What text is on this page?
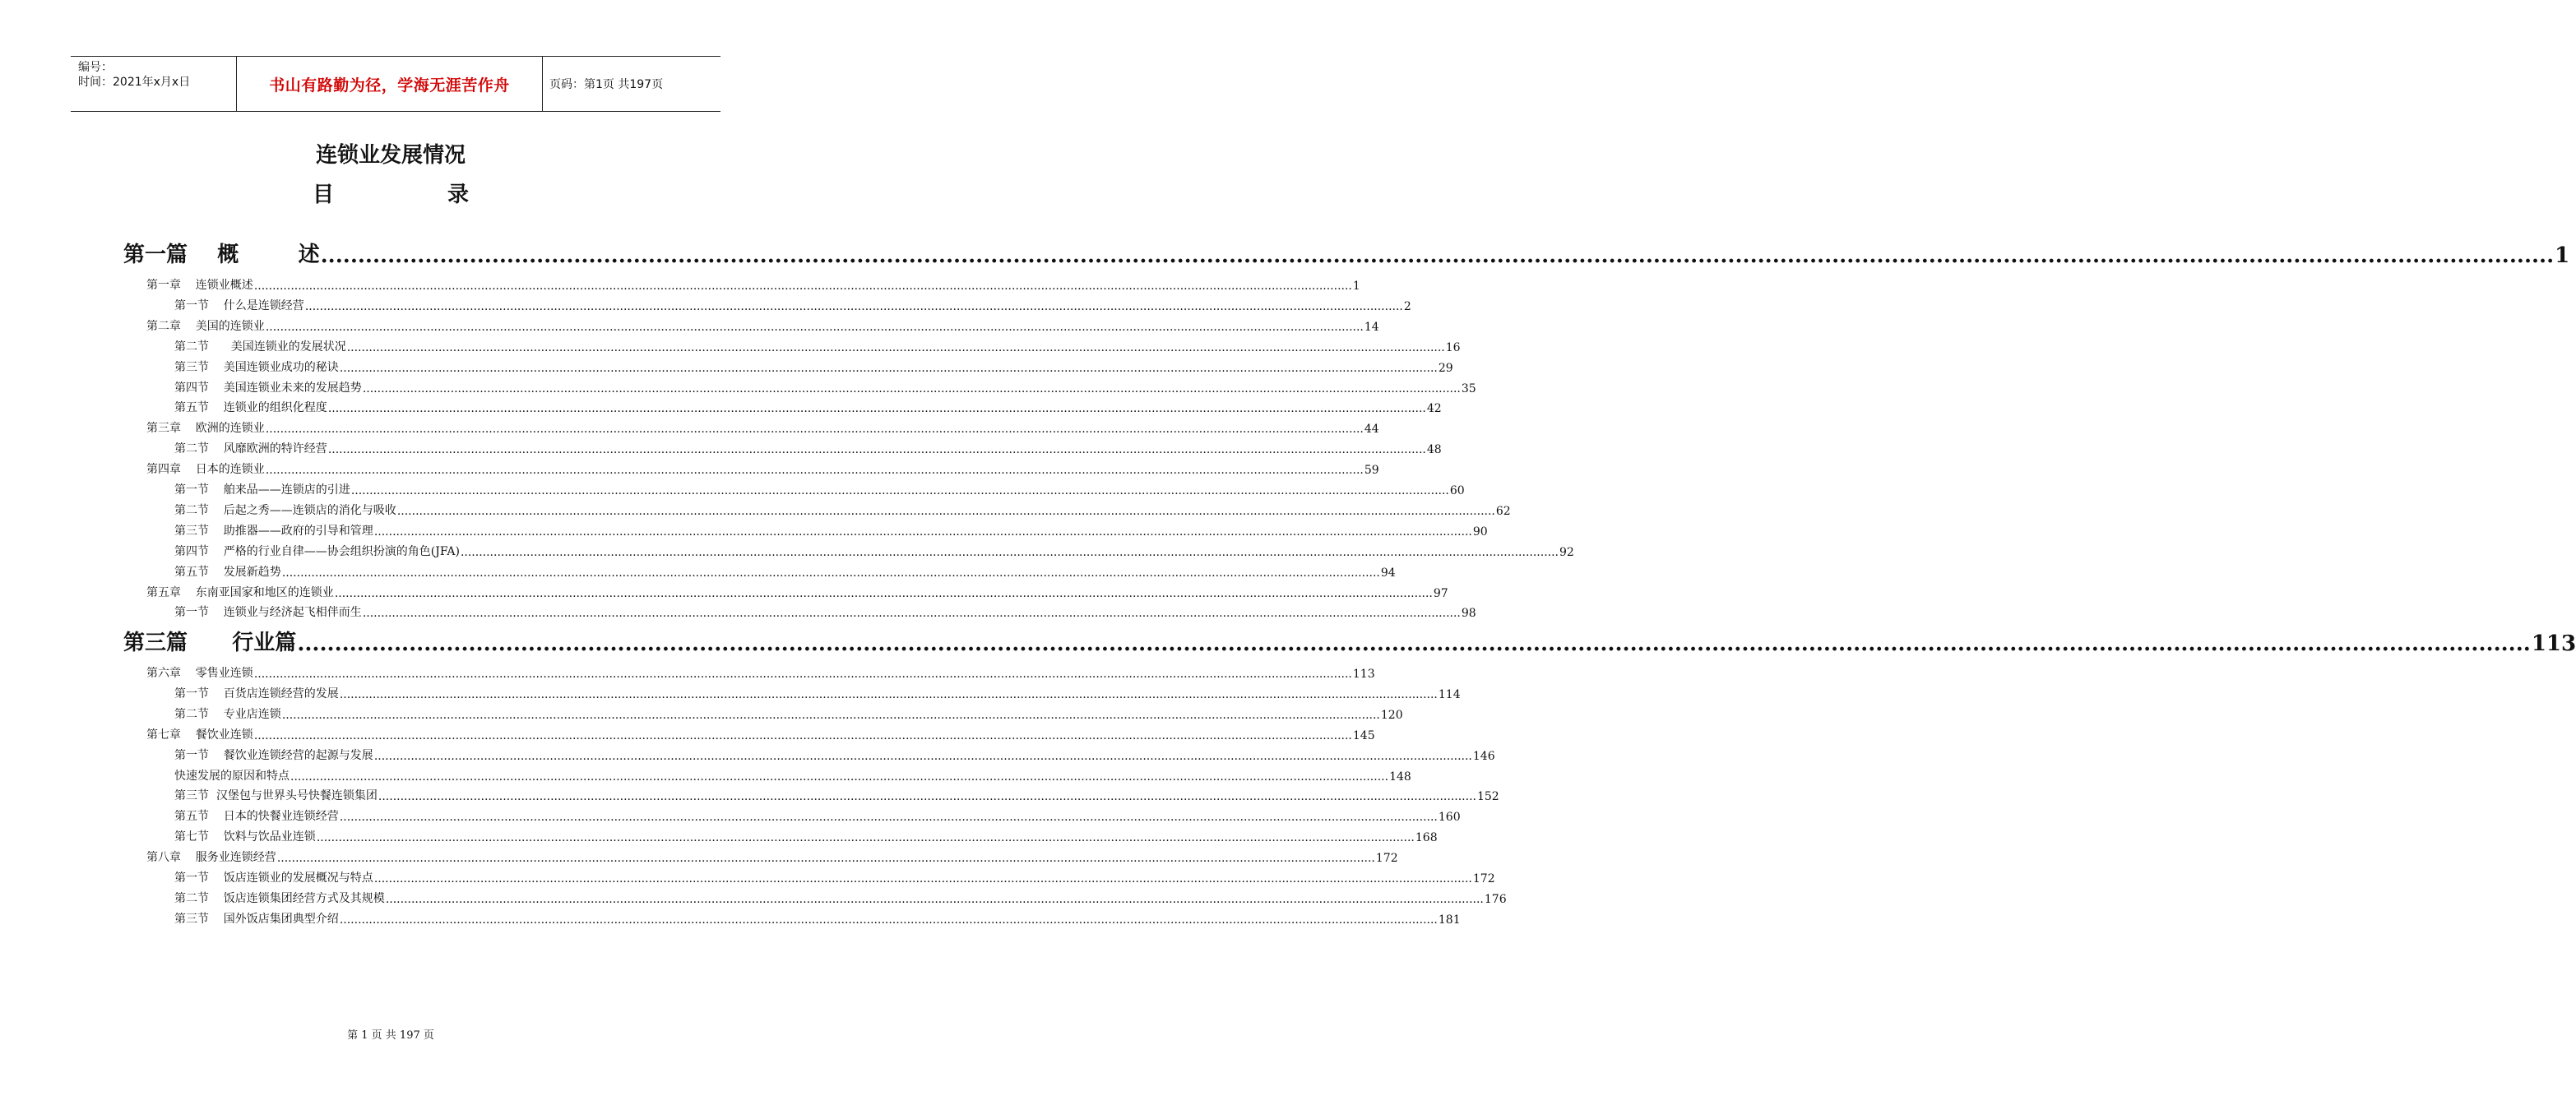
编号：
时间：2021年x月x日	书山有路勤为径，学海无涯苦作舟	页码：第1页 共197页
连锁业发展情况
目  录
第一篇    概        述 ............................................................................................................................................................................................................................................................................................................ 1
第一章    连锁业概述 ............................................................................................................................................................................................................................................................................................................ 1
第一节    什么是连锁经营 ............................................................................................................................................................................................................................................................................................................ 2
第二章    美国的连锁业 ............................................................................................................................................................................................................................................................................................................ 14
第二节      美国连锁业的发展状况 ............................................................................................................................................................................................................................................................................................................ 16
第三节    美国连锁业成功的秘诀 ............................................................................................................................................................................................................................................................................................................ 29
第四节    美国连锁业未来的发展趋势 ............................................................................................................................................................................................................................................................................................................ 35
第五节    连锁业的组织化程度 ............................................................................................................................................................................................................................................................................................................ 42
第三章    欧洲的连锁业 ............................................................................................................................................................................................................................................................................................................ 44
第二节    风靡欧洲的特许经营 ............................................................................................................................................................................................................................................................................................................ 48
第四章    日本的连锁业 ............................................................................................................................................................................................................................................................................................................ 59
第一节    舶来品——连锁店的引进 ............................................................................................................................................................................................................................................................................................................ 60
第二节    后起之秀——连锁店的消化与吸收 ............................................................................................................................................................................................................................................................................................................ 62
第三节    助推器——政府的引导和管理 ............................................................................................................................................................................................................................................................................................................ 90
第四节    严格的行业自律——协会组织扮演的角色(JFA) ............................................................................................................................................................................................................................................................................................................ 92
第五节    发展新趋势 ............................................................................................................................................................................................................................................................................................................ 94
第五章    东南亚国家和地区的连锁业 ............................................................................................................................................................................................................................................................................................................ 97
第一节    连锁业与经济起飞相伴而生 ............................................................................................................................................................................................................................................................................................................ 98
第三篇      行业篇 ............................................................................................................................................................................................................................................................................................................ 113
第六章    零售业连锁 ............................................................................................................................................................................................................................................................................................................ 113
第一节    百货店连锁经营的发展 ............................................................................................................................................................................................................................................................................................................ 114
第二节    专业店连锁 ............................................................................................................................................................................................................................................................................................................ 120
第七章    餐饮业连锁 ............................................................................................................................................................................................................................................................................................................ 145
第一节    餐饮业连锁经营的起源与发展 ............................................................................................................................................................................................................................................................................................................ 146
快速发展的原因和特点 ............................................................................................................................................................................................................................................................................................................ 148
第三节  汉堡包与世界头号快餐连锁集团 ............................................................................................................................................................................................................................................................................................................ 152
第五节    日本的快餐业连锁经营 ............................................................................................................................................................................................................................................................................................................ 160
第七节    饮料与饮品业连锁 ............................................................................................................................................................................................................................................................................................................ 168
第八章    服务业连锁经营 ............................................................................................................................................................................................................................................................................................................ 172
第一节    饭店连锁业的发展概况与特点 ............................................................................................................................................................................................................................................................................................................ 172
第二节    饭店连锁集团经营方式及其规模 ............................................................................................................................................................................................................................................................................................................ 176
第三节    国外饭店集团典型介绍 ............................................................................................................................................................................................................................................................................................................ 181
第 1 页 共 197 页
